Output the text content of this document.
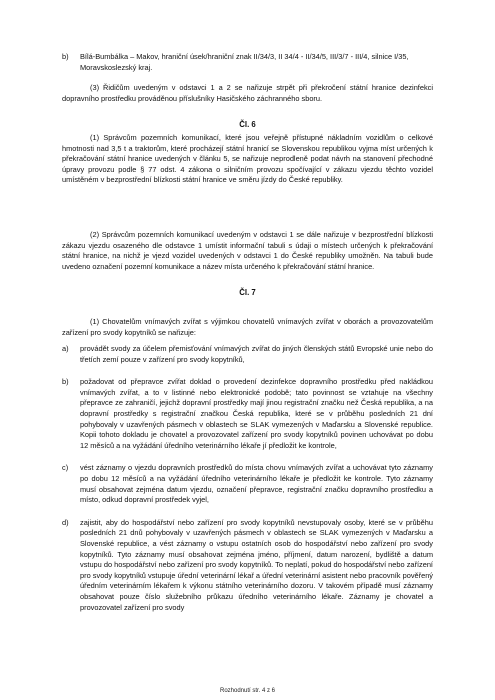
b)	Bílá-Bumbálka – Makov, hraniční úsek/hraniční znak II/34/3, II 34/4 - II/34/5, III/3/7 - III/4, silnice I/35, Moravskoslezský kraj.

(3) Řidičům uvedeným v odstavci 1 a 2 se nařizuje strpět při překročení státní hranice dezinfekci dopravního prostředku prováděnou příslušníky Hasičského záchranného sboru.

Čl. 6

(1) Správcům pozemních komunikací, které jsou veřejně přístupné nákladním vozidlům o celkové hmotnosti nad 3,5 t a traktorům, které procházejí státní hranicí se Slovenskou republikou vyjma míst určených k překračování státní hranice uvedených v článku 5, se nařizuje neprodleně podat návrh na stanovení přechodné úpravy provozu podle § 77 odst. 4 zákona o silničním provozu spočívající v zákazu vjezdu těchto vozidel umístěném v bezprostřední blízkosti státní hranice ve směru jízdy do České republiky.

(2) Správcům pozemních komunikací uvedeným v odstavci 1 se dále nařizuje v bezprostřední blízkosti zákazu vjezdu osazeného dle odstavce 1 umístit informační tabuli s údaji o místech určených k překračování státní hranice, na nichž je vjezd vozidel uvedených v odstavci 1 do České republiky umožněn. Na tabuli bude uvedeno označení pozemní komunikace a název místa určeného k překračování státní hranice.

Čl. 7

(1) Chovatelům vnímavých zvířat s výjimkou chovatelů vnímavých zvířat v oborách a provozovatelům zařízení pro svody kopytníků se nařizuje:

a)	provádět svody za účelem přemisťování vnímavých zvířat do jiných členských států Evropské unie nebo do třetích zemí pouze v zařízení pro svody kopytníků,
b)	požadovat od přepravce zvířat doklad o provedení dezinfekce dopravního prostředku před nakládkou vnímavých zvířat, a to v listinné nebo elektronické podobě; tato povinnost se vztahuje na všechny přepravce ze zahraničí, jejichž dopravní prostředky mají jinou registrační značku než Česká republika, a na dopravní prostředky s registrační značkou Česká republika, které se v průběhu posledních 21 dní pohybovaly v uzavřených pásmech v oblastech se SLAK vymezených v Maďarsku a Slovenské republice. Kopii tohoto dokladu je chovatel a provozovatel zařízení pro svody kopytníků povinen uchovávat po dobu 12 měsíců a na vyžádání úředního veterinárního lékaře jí předložit ke kontrole,
c)	vést záznamy o vjezdu dopravních prostředků do místa chovu vnímavých zvířat a uchovávat tyto záznamy po dobu 12 měsíců a na vyžádání úředního veterinárního lékaře je předložit ke kontrole. Tyto záznamy musí obsahovat zejména datum vjezdu, označení přepravce, registrační značku dopravního prostředku a místo, odkud dopravní prostředek vyjel,
d)	zajistit, aby do hospodářství nebo zařízení pro svody kopytníků nevstupovaly osoby, které se v průběhu posledních 21 dnů pohybovaly v uzavřených pásmech v oblastech se SLAK vymezených v Maďarsku a Slovenské republice, a vést záznamy o vstupu ostatních osob do hospodářství nebo zařízení pro svody kopytníků. Tyto záznamy musí obsahovat zejména jméno, příjmení, datum narození, bydliště a datum vstupu do hospodářství nebo zařízení pro svody kopytníků. To neplatí, pokud do hospodářství nebo zařízení pro svody kopytníků vstupuje úřední veterinární lékař a úřední veterinární asistent nebo pracovník pověřený úředním veterinárním lékařem k výkonu státního veterinárního dozoru. V takovém případě musí záznamy obsahovat pouze číslo služebního průkazu úředního veterinárního lékaře. Záznamy je chovatel a provozovatel zařízení pro svody
Rozhodnutí str. 4 z 6
